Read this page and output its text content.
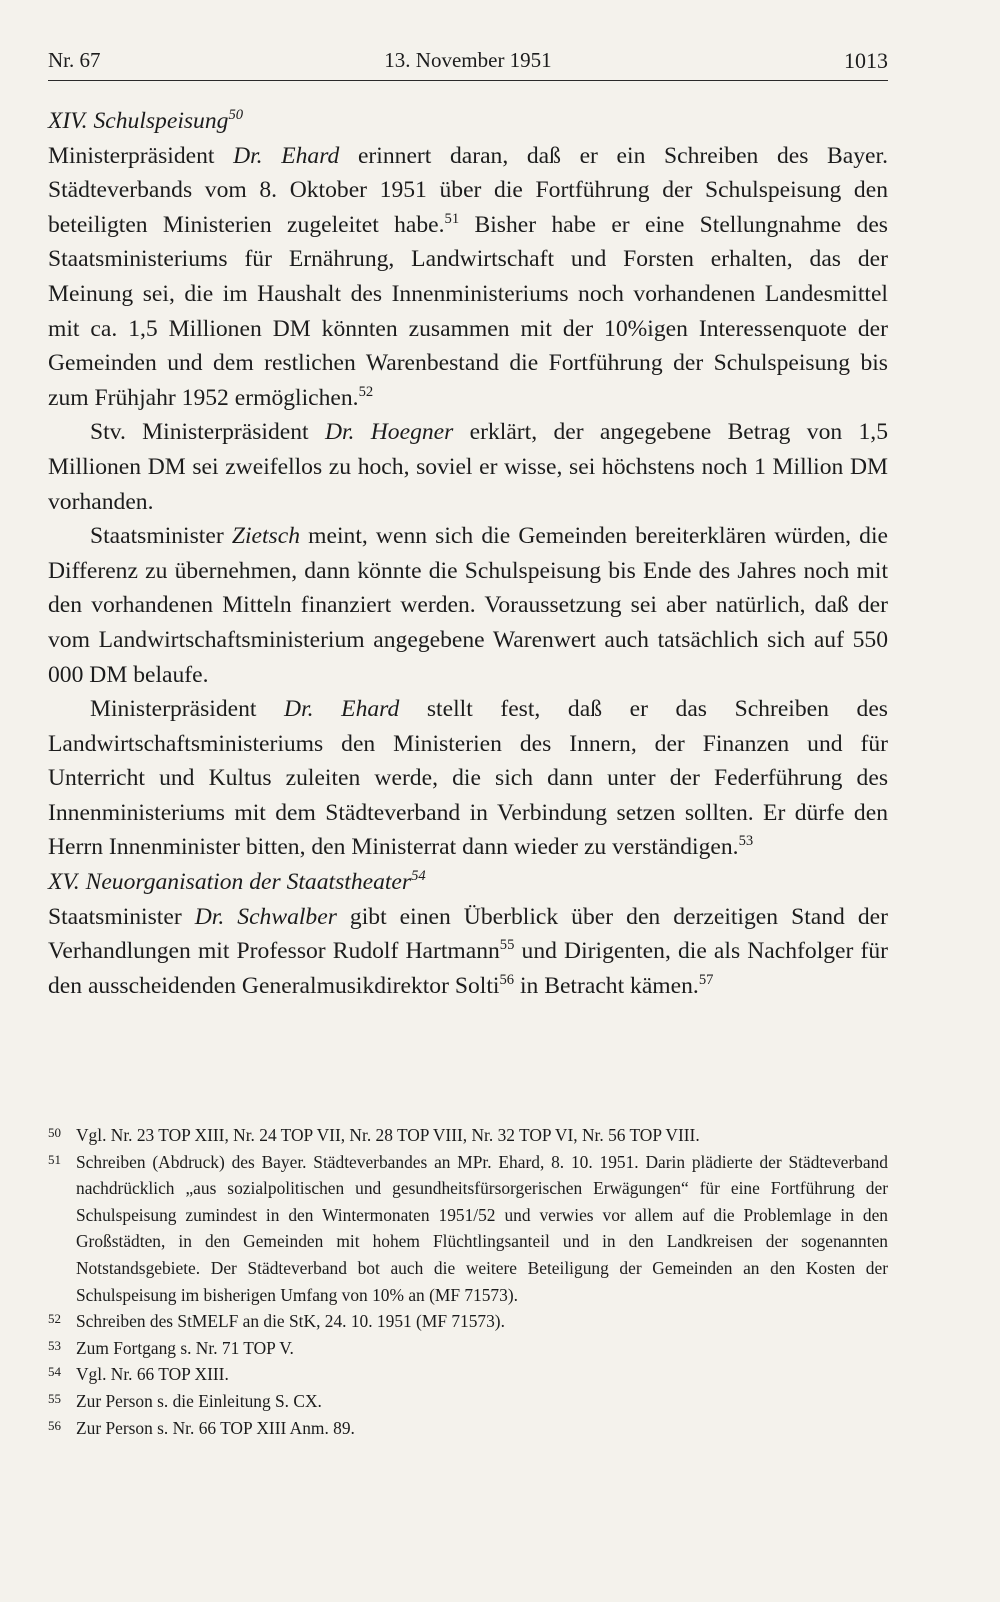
Nr. 67	13. November 1951	1013

XIV. Schulspeisung$^{50}$

Ministerpräsident Dr. Ehard erinnert daran, daß er ein Schreiben des Bayer. Städteverbands vom 8. Oktober 1951 über die Fortführung der Schulspeisung den beteiligten Ministerien zugeleitet habe.$^{51}$ Bisher habe er eine Stellungnahme des Staatsministeriums für Ernährung, Landwirtschaft und Forsten erhalten, das der Meinung sei, die im Haushalt des Innenministeriums noch vorhandenen Landesmittel mit ca. 1,5 Millionen DM könnten zusammen mit der 10%igen Interessenquote der Gemeinden und dem restlichen Warenbestand die Fortführung der Schulspeisung bis zum Frühjahr 1952 ermöglichen.$^{52}$

Stv. Ministerpräsident Dr. Hoegner erklärt, der angegebene Betrag von 1,5 Millionen DM sei zweifellos zu hoch, soviel er wisse, sei höchstens noch 1 Million DM vorhanden.

Staatsminister Zietsch meint, wenn sich die Gemeinden bereiterklären würden, die Differenz zu übernehmen, dann könnte die Schulspeisung bis Ende des Jahres noch mit den vorhandenen Mitteln finanziert werden. Voraussetzung sei aber natürlich, daß der vom Landwirtschaftsministerium angegebene Warenwert auch tatsächlich sich auf 550 000 DM belaufe.

Ministerpräsident Dr. Ehard stellt fest, daß er das Schreiben des Landwirtschaftsministeriums den Ministerien des Innern, der Finanzen und für Unterricht und Kultus zuleiten werde, die sich dann unter der Federführung des Innenministeriums mit dem Städteverband in Verbindung setzen sollten. Er dürfe den Herrn Innenminister bitten, den Ministerrat dann wieder zu verständigen.$^{53}$

XV. Neuorganisation der Staatstheater$^{54}$

Staatsminister Dr. Schwalber gibt einen Überblick über den derzeitigen Stand der Verhandlungen mit Professor Rudolf Hartmann$^{55}$ und Dirigenten, die als Nachfolger für den ausscheidenden Generalmusikdirektor Solti$^{56}$ in Betracht kämen.$^{57}$

50 Vgl. Nr. 23 TOP XIII, Nr. 24 TOP VII, Nr. 28 TOP VIII, Nr. 32 TOP VI, Nr. 56 TOP VIII.
51 Schreiben (Abdruck) des Bayer. Städteverbandes an MPr. Ehard, 8. 10. 1951. Darin plädierte der Städteverband nachdrücklich „aus sozialpolitischen und gesundheitsfürsorgerischen Erwägungen“ für eine Fortführung der Schulspeisung zumindest in den Wintermonaten 1951/52 und verwies vor allem auf die Problemlage in den Großstädten, in den Gemeinden mit hohem Flüchtlingsanteil und in den Landkreisen der sogenannten Notstandsgebiete. Der Städteverband bot auch die weitere Beteiligung der Gemeinden an den Kosten der Schulspeisung im bisherigen Umfang von 10% an (MF 71573).
52 Schreiben des StMELF an die StK, 24. 10. 1951 (MF 71573).
53 Zum Fortgang s. Nr. 71 TOP V.
54 Vgl. Nr. 66 TOP XIII.
55 Zur Person s. die Einleitung S. CX.
56 Zur Person s. Nr. 66 TOP XIII Anm. 89.
